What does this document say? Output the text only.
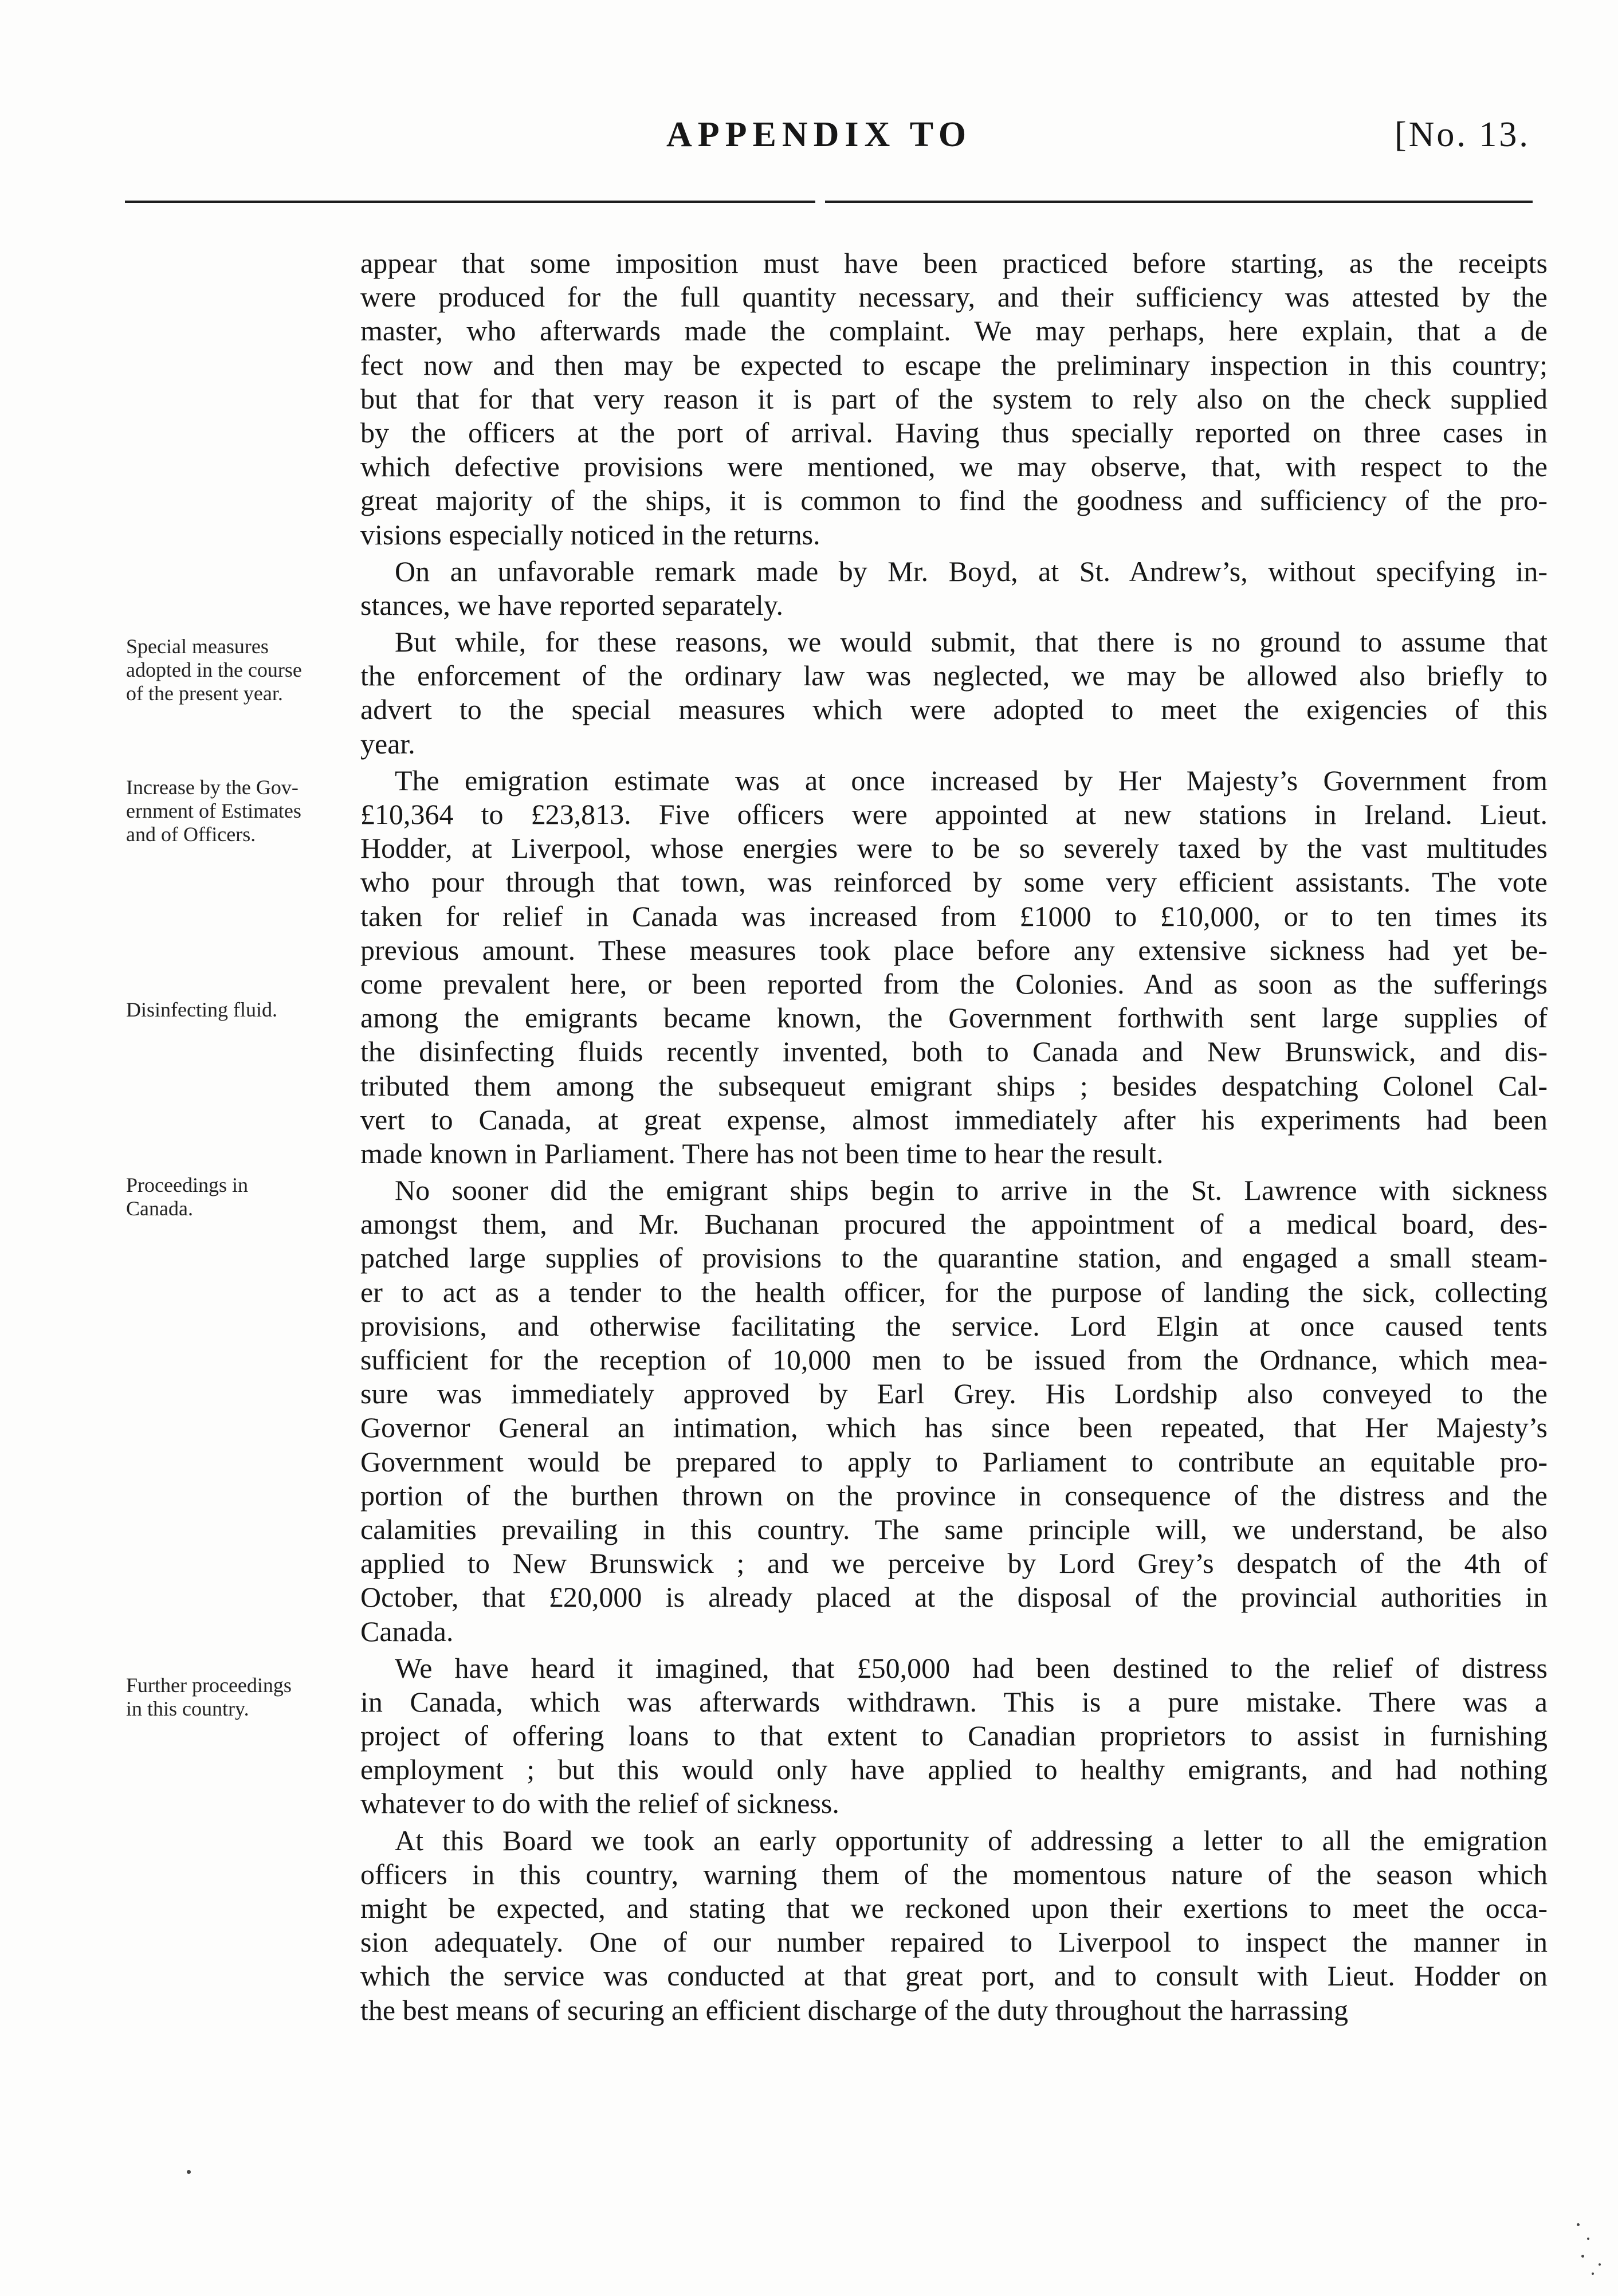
APPENDIX TO	[No. 13.
Special measures
adopted in the course
of the present year.
Increase by the Gov-
ernment of Estimates
and of Officers.
Disinfecting fluid.
Proceedings in
Canada.
Further proceedings
in this country.
appear that some imposition must have been practiced before starting, as the receipts
were produced for the full quantity necessary, and their sufficiency was attested by the
master, who afterwards made the complaint. We may perhaps, here explain, that a de
fect now and then may be expected to escape the preliminary inspection in this country;
but that for that very reason it is part of the system to rely also on the check supplied
by the officers at the port of arrival. Having thus specially reported on three cases in
which defective provisions were mentioned, we may observe, that, with respect to the
great majority of the ships, it is common to find the goodness and sufficiency of the pro-
visions especially noticed in the returns.
On an unfavorable remark made by Mr. Boyd, at St. Andrew’s, without specifying in-
stances, we have reported separately.
But while, for these reasons, we would submit, that there is no ground to assume that
the enforcement of the ordinary law was neglected, we may be allowed also briefly to
advert to the special measures which were adopted to meet the exigencies of this
year.
The emigration estimate was at once increased by Her Majesty’s Government from
£10,364 to £23,813. Five officers were appointed at new stations in Ireland. Lieut.
Hodder, at Liverpool, whose energies were to be so severely taxed by the vast multitudes
who pour through that town, was reinforced by some very efficient assistants. The vote
taken for relief in Canada was increased from £1000 to £10,000, or to ten times its
previous amount. These measures took place before any extensive sickness had yet be-
come prevalent here, or been reported from the Colonies. And as soon as the sufferings
among the emigrants became known, the Government forthwith sent large supplies of
the disinfecting fluids recently invented, both to Canada and New Brunswick, and dis-
tributed them among the subsequeut emigrant ships ; besides despatching Colonel Cal-
vert to Canada, at great expense, almost immediately after his experiments had been
made known in Parliament. There has not been time to hear the result.
No sooner did the emigrant ships begin to arrive in the St. Lawrence with sickness
amongst them, and Mr. Buchanan procured the appointment of a medical board, des-
patched large supplies of provisions to the quarantine station, and engaged a small steam-
er to act as a tender to the health officer, for the purpose of landing the sick, collecting
provisions, and otherwise facilitating the service. Lord Elgin at once caused tents
sufficient for the reception of 10,000 men to be issued from the Ordnance, which mea-
sure was immediately approved by Earl Grey. His Lordship also conveyed to the
Governor General an intimation, which has since been repeated, that Her Majesty’s
Government would be prepared to apply to Parliament to contribute an equitable pro-
portion of the burthen thrown on the province in consequence of the distress and the
calamities prevailing in this country. The same principle will, we understand, be also
applied to New Brunswick ; and we perceive by Lord Grey’s despatch of the 4th of
October, that £20,000 is already placed at the disposal of the provincial authorities in
Canada.
We have heard it imagined, that £50,000 had been destined to the relief of distress
in Canada, which was afterwards withdrawn. This is a pure mistake. There was a
project of offering loans to that extent to Canadian proprietors to assist in furnishing
employment ; but this would only have applied to healthy emigrants, and had nothing
whatever to do with the relief of sickness.
At this Board we took an early opportunity of addressing a letter to all the emigration
officers in this country, warning them of the momentous nature of the season which
might be expected, and stating that we reckoned upon their exertions to meet the occa-
sion adequately. One of our number repaired to Liverpool to inspect the manner in
which the service was conducted at that great port, and to consult with Lieut. Hodder on
the best means of securing an efficient discharge of the duty throughout the harrassing
